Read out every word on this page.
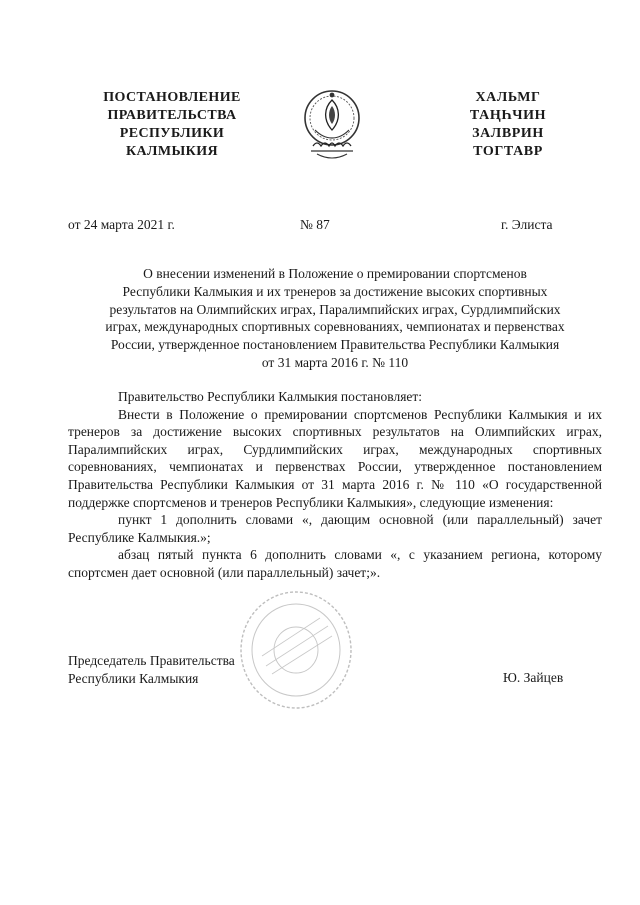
ПОСТАНОВЛЕНИЕ
ПРАВИТЕЛЬСТВА
РЕСПУБЛИКИ
КАЛМЫКИЯ
ХАЛЬМГ
ТАҢҺЧИН
ЗАЛВРИН
ТОГТАВР
от 24 марта 2021 г.	№ 87	г. Элиста
О внесении изменений в Положение о премировании спортсменов
Республики Калмыкия и их тренеров за достижение высоких спортивных
результатов на Олимпийских играх, Паралимпийских играх, Сурдлимпийских
играх, международных спортивных соревнованиях, чемпионатах и первенствах
России, утвержденное постановлением Правительства Республики Калмыкия
от 31 марта 2016 г. № 110

Правительство Республики Калмыкия постановляет:

Внести в Положение о премировании спортсменов Республики Калмыкия и их тренеров за достижение высоких спортивных результатов на Олимпийских играх, Паралимпийских играх, Сурдлимпийских играх, международных спортивных соревнованиях, чемпионатах и первенствах России, утвержденное постановлением Правительства Республики Калмыкия от 31 марта 2016 г. № 110 «О государственной поддержке спортсменов и тренеров Республики Калмыкия», следующие изменения:

пункт 1 дополнить словами «, дающим основной (или параллельный) зачет Республике Калмыкия.»;

абзац пятый пункта 6 дополнить словами «, с указанием региона, которому спортсмен дает основной (или параллельный) зачет;».

Председатель Правительства
Республики Калмыкия	Ю. Зайцев
